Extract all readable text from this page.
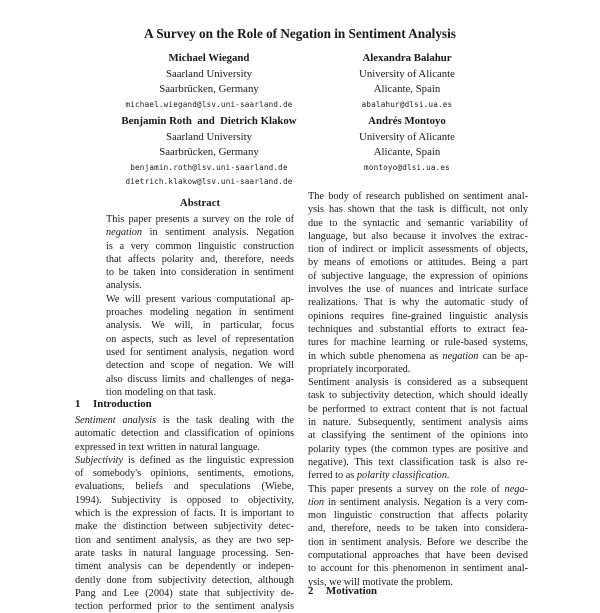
A Survey on the Role of Negation in Sentiment Analysis
Michael Wiegand
Saarland University
Saarbrücken, Germany
michael.wiegand@lsv.uni-saarland.de
Alexandra Balahur
University of Alicante
Alicante, Spain
abalahur@dlsi.ua.es
Benjamin Roth  and  Dietrich Klakow
Saarland University
Saarbrücken, Germany
benjamin.roth@lsv.uni-saarland.de
dietrich.klakow@lsv.uni-saarland.de
Andrés Montoyo
University of Alicante
Alicante, Spain
montoyo@dlsi.ua.es
Abstract
This paper presents a survey on the role of
negation in sentiment analysis. Negation
is a very common linguistic construction
that affects polarity and, therefore, needs
to be taken into consideration in sentiment
analysis.
We will present various computational ap-
proaches modeling negation in sentiment
analysis. We will, in particular, focus
on aspects, such as level of representation
used for sentiment analysis, negation word
detection and scope of negation. We will
also discuss limits and challenges of nega-
tion modeling on that task.
1 Introduction
Sentiment analysis is the task dealing with the
automatic detection and classification of opinions
expressed in text written in natural language.
Subjectivity is defined as the linguistic expression
of somebody's opinions, sentiments, emotions,
evaluations, beliefs and speculations (Wiebe,
1994). Subjectivity is opposed to objectivity,
which is the expression of facts. It is important to
make the distinction between subjectivity detec-
tion and sentiment analysis, as they are two sep-
arate tasks in natural language processing. Sen-
timent analysis can be dependently or indepen-
dently done from subjectivity detection, although
Pang and Lee (2004) state that subjectivity de-
tection performed prior to the sentiment analysis
The body of research published on sentiment anal-
ysis has shown that the task is difficult, not only
due to the syntactic and semantic variability of
language, but also because it involves the extrac-
tion of indirect or implicit assessments of objects,
by means of emotions or attitudes. Being a part
of subjective language, the expression of opinions
involves the use of nuances and intricate surface
realizations. That is why the automatic study of
opinions requires fine-grained linguistic analysis
techniques and substantial efforts to extract fea-
tures for machine learning or rule-based systems,
in which subtle phenomena as negation can be ap-
propriately incorporated.
Sentiment analysis is considered as a subsequent
task to subjectivity detection, which should ideally
be performed to extract content that is not factual
in nature. Subsequently, sentiment analysis aims
at classifying the sentiment of the opinions into
polarity types (the common types are positive and
negative). This text classification task is also re-
ferred to as polarity classification.
This paper presents a survey on the role of nega-
tion in sentiment analysis. Negation is a very com-
mon linguistic construction that affects polarity
and, therefore, needs to be taken into considera-
tion in sentiment analysis. Before we describe the
computational approaches that have been devised
to account for this phenomenon in sentiment anal-
ysis, we will motivate the problem.
2 Motivation
